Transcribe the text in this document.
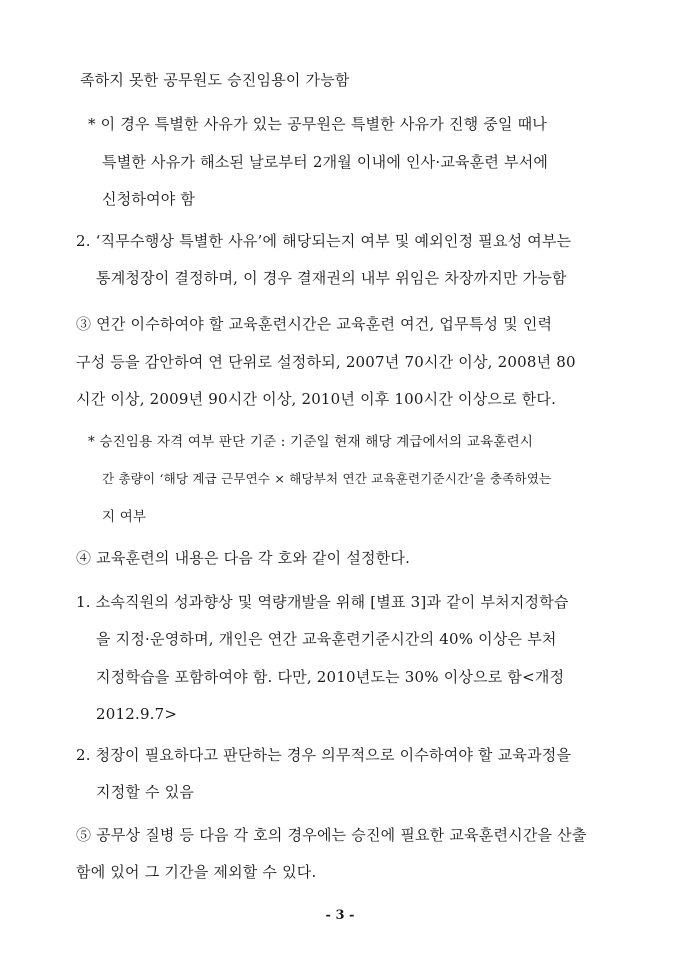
족하지 못한 공무원도 승진임용이 가능함
* 이 경우 특별한 사유가 있는 공무원은 특별한 사유가 진행 중일 때나
특별한 사유가 해소된 날로부터 2개월 이내에 인사·교육훈련 부서에
신청하여야 함
2. ‘직무수행상 특별한 사유’에 해당되는지 여부 및 예외인정 필요성 여부는
통계청장이 결정하며, 이 경우 결재권의 내부 위임은 차장까지만 가능함
③ 연간 이수하여야 할 교육훈련시간은 교육훈련 여건, 업무특성 및 인력
구성 등을 감안하여 연 단위로 설정하되, 2007년 70시간 이상, 2008년 80
시간 이상, 2009년 90시간 이상, 2010년 이후 100시간 이상으로 한다.
* 승진임용 자격 여부 판단 기준 : 기준일 현재 해당 계급에서의 교육훈련시
간 총량이 ‘해당 계급 근무연수 × 해당부처 연간 교육훈련기준시간’을 충족하였는
지 여부
④ 교육훈련의 내용은 다음 각 호와 같이 설정한다.
1. 소속직원의 성과향상 및 역량개발을 위해 [별표 3]과 같이 부처지정학습
을 지정·운영하며, 개인은 연간 교육훈련기준시간의 40% 이상은 부처
지정학습을 포함하여야 함. 다만, 2010년도는 30% 이상으로 함<개정
2012.9.7>
2. 청장이 필요하다고 판단하는 경우 의무적으로 이수하여야 할 교육과정을
지정할 수 있음
⑤ 공무상 질병 등 다음 각 호의 경우에는 승진에 필요한 교육훈련시간을 산출
함에 있어 그 기간을 제외할 수 있다.
- 3 -
